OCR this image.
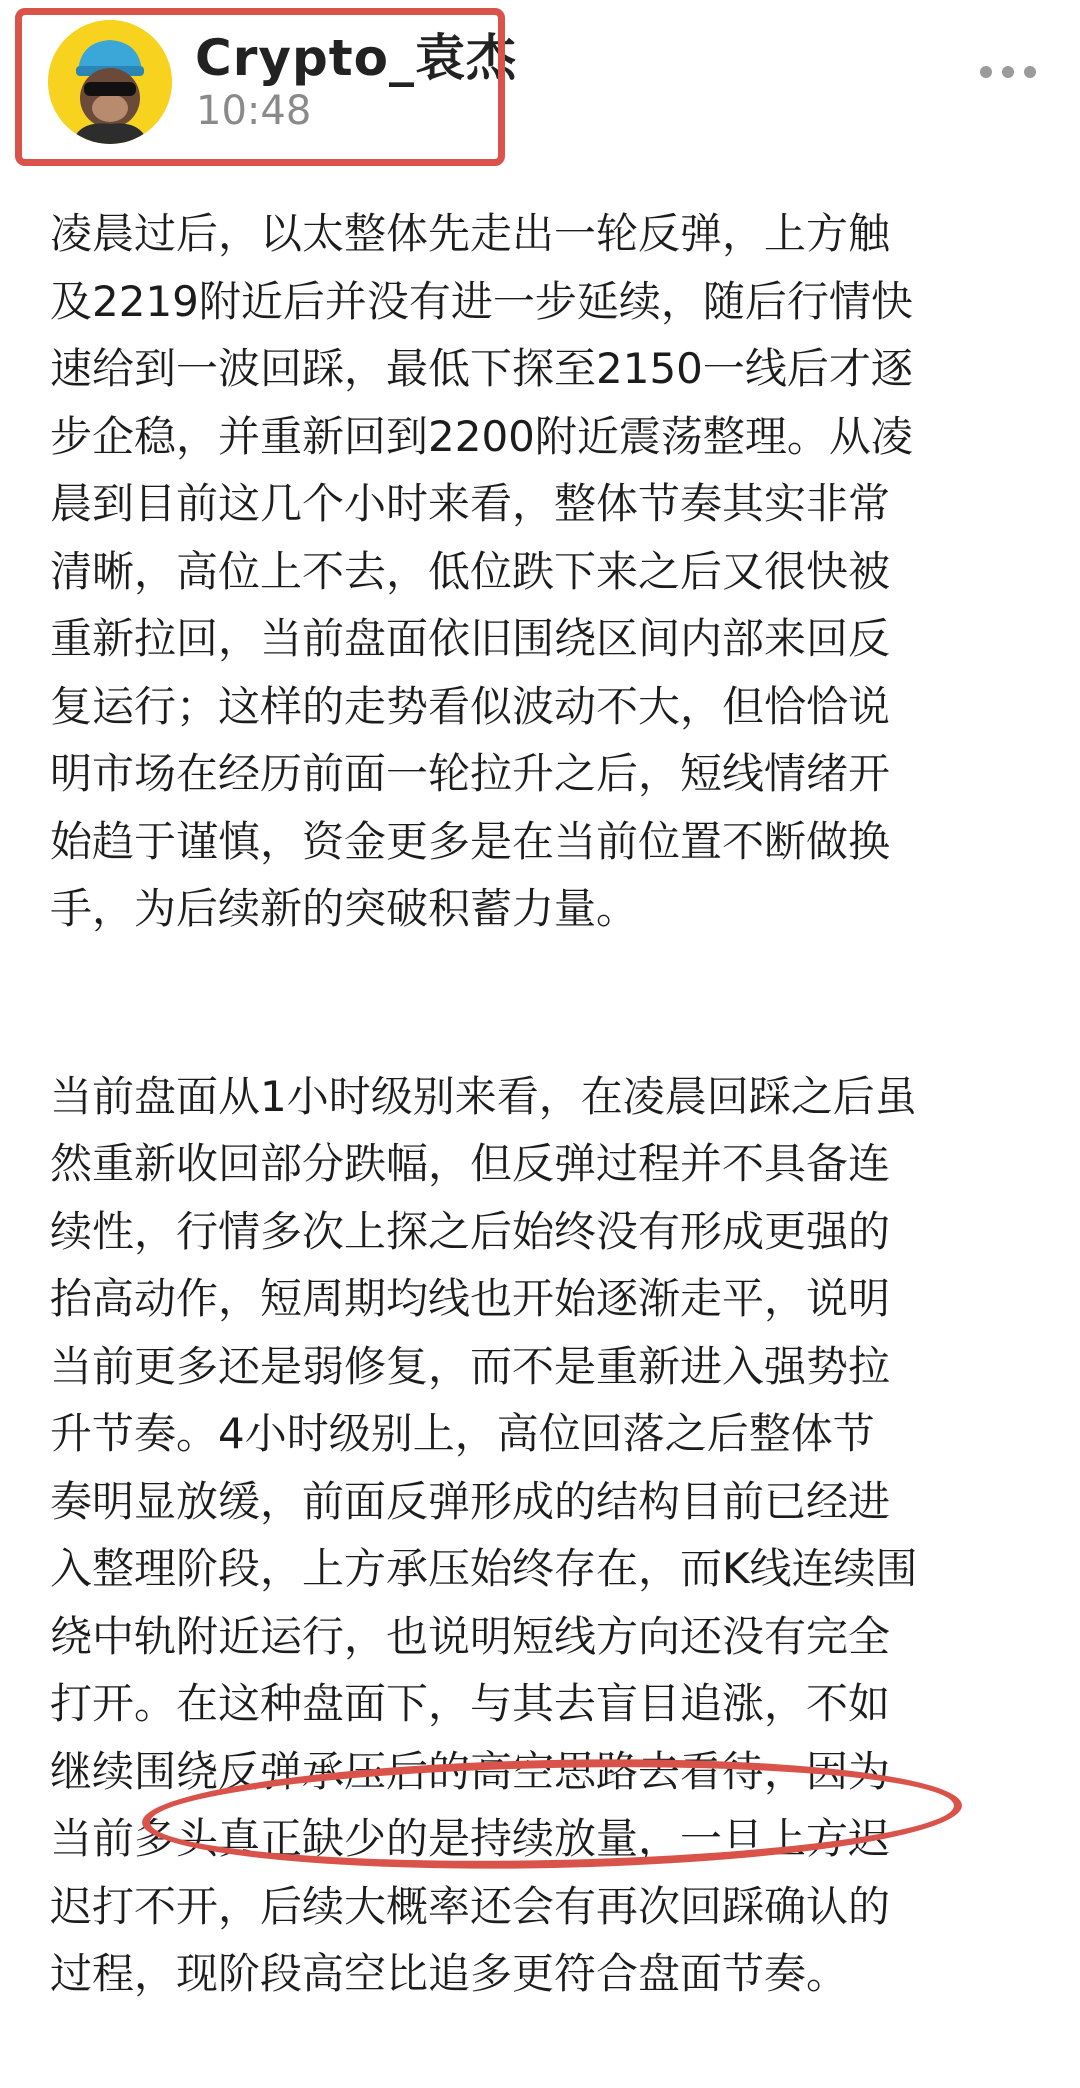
Crypto_袁杰
10:48
凌晨过后，以太整体先走出一轮反弹，上方触
及2219附近后并没有进一步延续，随后行情快
速给到一波回踩，最低下探至2150一线后才逐
步企稳，并重新回到2200附近震荡整理。从凌
晨到目前这几个小时来看，整体节奏其实非常
清晰，高位上不去，低位跌下来之后又很快被
重新拉回，当前盘面依旧围绕区间内部来回反
复运行；这样的走势看似波动不大，但恰恰说
明市场在经历前面一轮拉升之后，短线情绪开
始趋于谨慎，资金更多是在当前位置不断做换
手，为后续新的突破积蓄力量。
当前盘面从1小时级别来看，在凌晨回踩之后虽
然重新收回部分跌幅，但反弹过程并不具备连
续性，行情多次上探之后始终没有形成更强的
抬高动作，短周期均线也开始逐渐走平，说明
当前更多还是弱修复，而不是重新进入强势拉
升节奏。4小时级别上，高位回落之后整体节
奏明显放缓，前面反弹形成的结构目前已经进
入整理阶段，上方承压始终存在，而K线连续围
绕中轨附近运行，也说明短线方向还没有完全
打开。在这种盘面下，与其去盲目追涨，不如
继续围绕反弹承压后的高空思路去看待，因为
当前多头真正缺少的是持续放量，一旦上方迟
迟打不开，后续大概率还会有再次回踩确认的
过程，现阶段高空比追多更符合盘面节奏。
